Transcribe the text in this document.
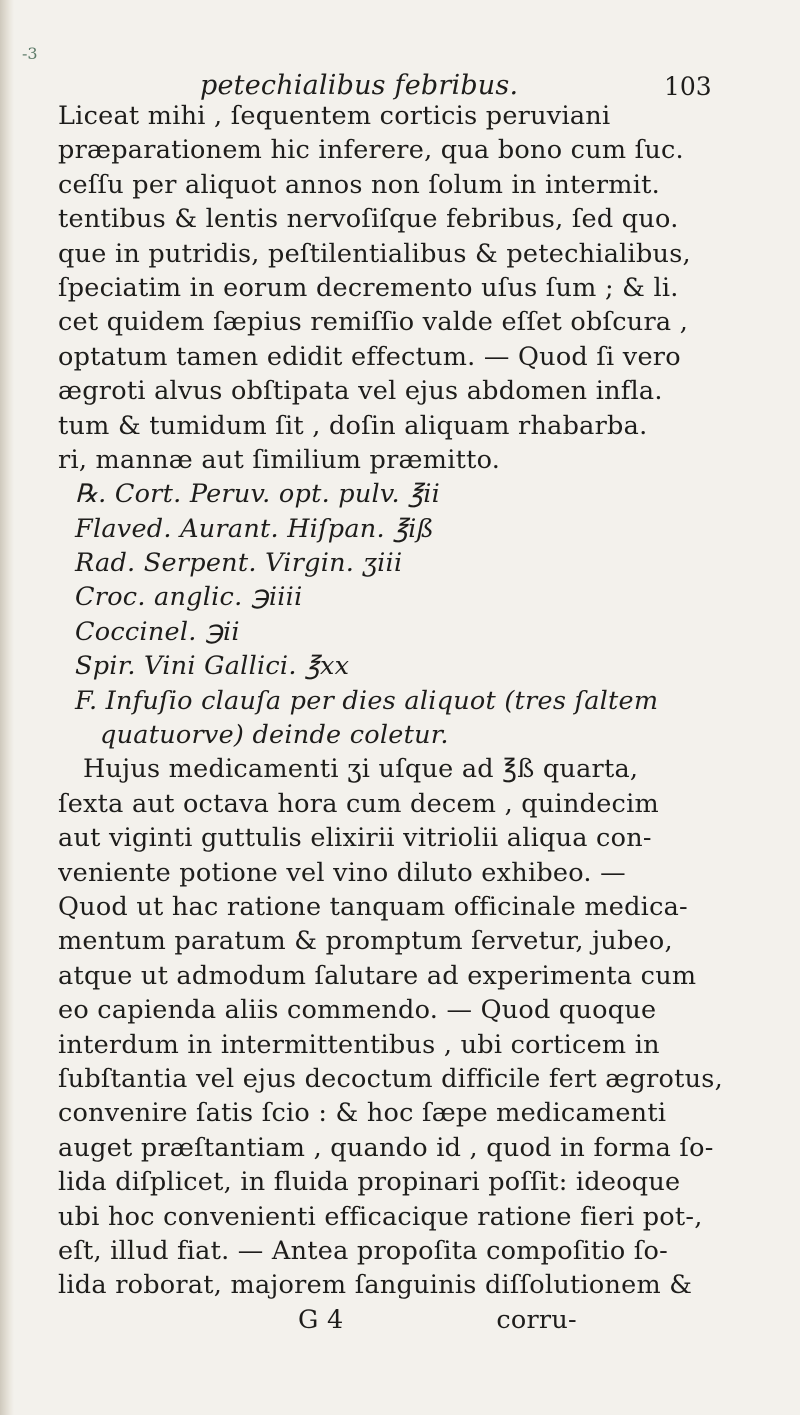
-3
petechialibus febribus.	103
Liceat mihi , ſequentem corticis peruviani
præparationem hic inferere, qua bono cum ſuc.
ceſſu per aliquot annos non ſolum in intermit.
tentibus & lentis nervoſiſque febribus, ſed quo.
que in putridis, peſtilentialibus & petechialibus,
ſpeciatim in eorum decremento uſus ſum ; & li.
cet quidem ſæpius remiſſio valde eſſet obſcura ,
optatum tamen edidit effectum. — Quod ſi vero
ægroti alvus obſtipata vel ejus abdomen infla.
tum & tumidum ſit , doſin aliquam rhabarba.
ri, mannæ aut ſimilium præmitto.
℞. Cort. Peruv. opt. pulv. ℥ii
Flaved. Aurant. Hiſpan. ℥iß
Rad. Serpent. Virgin. ʒiii
Croc. anglic. ℈iiii
Coccinel. ℈ii
Spir. Vini Gallici. ℥xx
F. Infuſio clauſa per dies aliquot (tres ſaltem
quatuorve) deinde coletur.
Hujus medicamenti ʒi uſque ad ℥ß quarta,
ſexta aut octava hora cum decem , quindecim
aut viginti guttulis elixirii vitriolii aliqua con-
veniente potione vel vino diluto exhibeo. —
Quod ut hac ratione tanquam officinale medica-
mentum paratum & promptum ſervetur, jubeo,
atque ut admodum ſalutare ad experimenta cum
eo capienda aliis commendo. — Quod quoque
interdum in intermittentibus , ubi corticem in
ſubſtantia vel ejus decoctum difficile fert ægrotus,
convenire ſatis ſcio : & hoc ſæpe medicamenti
auget præſtantiam , quando id , quod in forma ſo-
lida diſplicet, in fluida propinari poſſit: ideoque
ubi hoc convenienti efficacique ratione fieri pot-,
eſt, illud fiat. — Antea propoſita compoſitio ſo-
lida roborat, majorem ſanguinis diſſolutionem &
G 4	corru-
